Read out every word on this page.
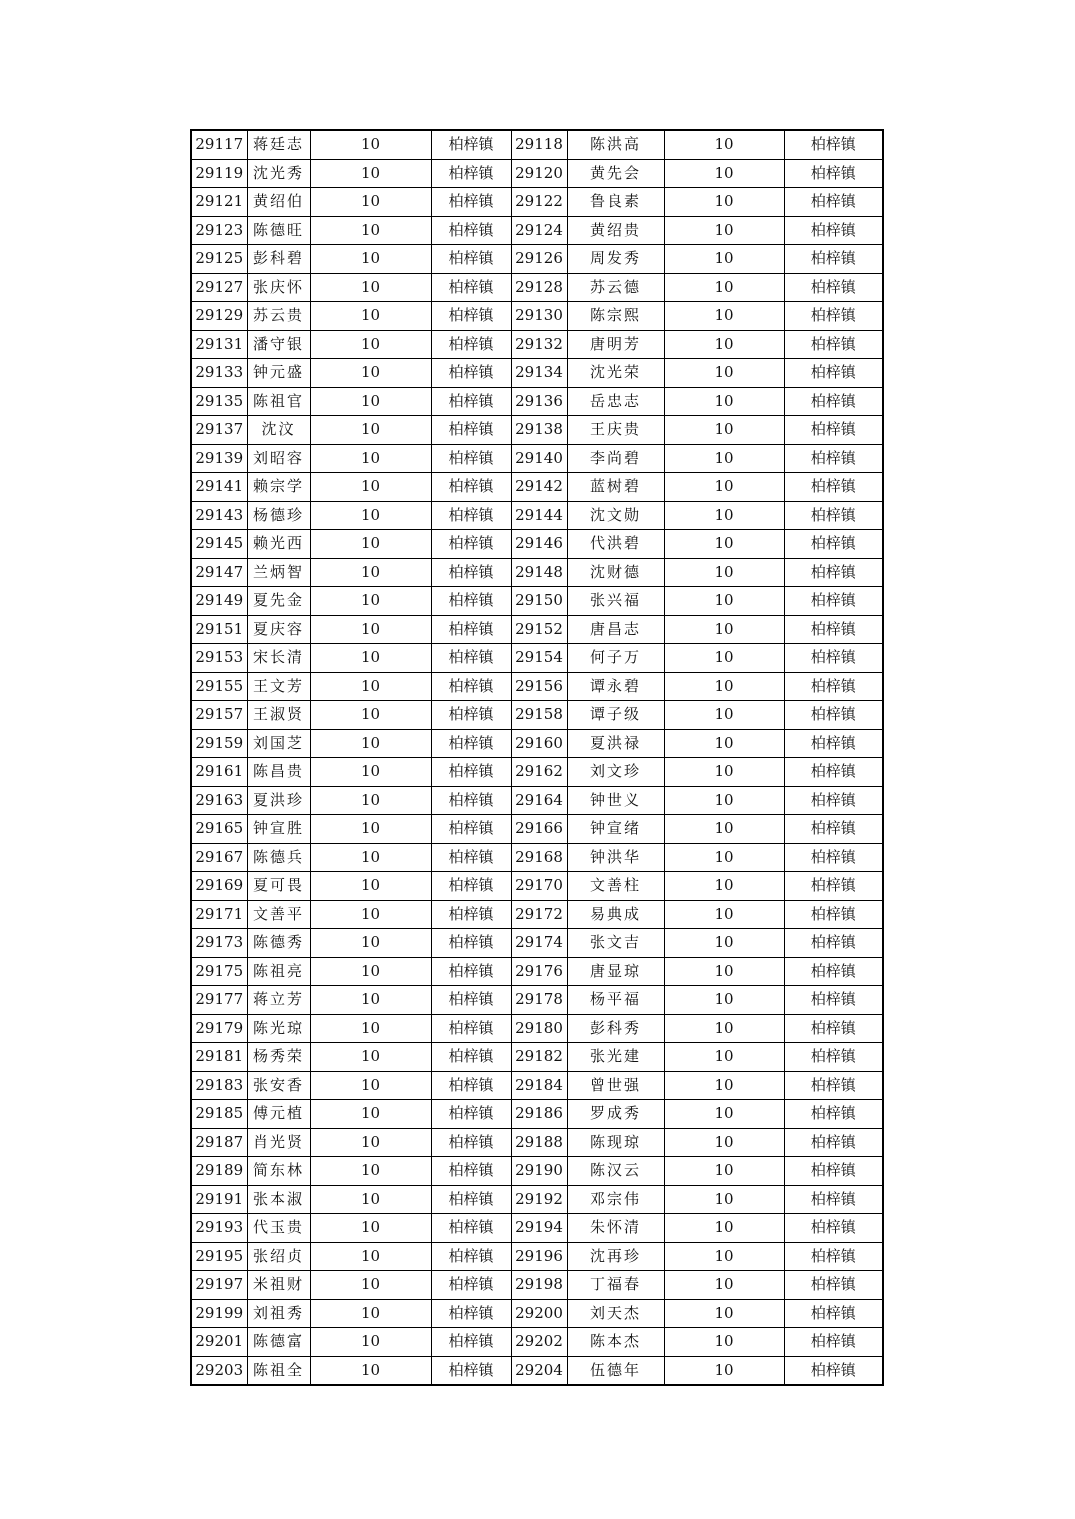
29117	蒋廷志	10	柏梓镇	29118	陈洪高	10	柏梓镇
29119	沈光秀	10	柏梓镇	29120	黄先会	10	柏梓镇
29121	黄绍伯	10	柏梓镇	29122	鲁良素	10	柏梓镇
29123	陈德旺	10	柏梓镇	29124	黄绍贵	10	柏梓镇
29125	彭科碧	10	柏梓镇	29126	周发秀	10	柏梓镇
29127	张庆怀	10	柏梓镇	29128	苏云德	10	柏梓镇
29129	苏云贵	10	柏梓镇	29130	陈宗熙	10	柏梓镇
29131	潘守银	10	柏梓镇	29132	唐明芳	10	柏梓镇
29133	钟元盛	10	柏梓镇	29134	沈光荣	10	柏梓镇
29135	陈祖官	10	柏梓镇	29136	岳忠志	10	柏梓镇
29137	沈汶	10	柏梓镇	29138	王庆贵	10	柏梓镇
29139	刘昭容	10	柏梓镇	29140	李尚碧	10	柏梓镇
29141	赖宗学	10	柏梓镇	29142	蓝树碧	10	柏梓镇
29143	杨德珍	10	柏梓镇	29144	沈文勋	10	柏梓镇
29145	赖光西	10	柏梓镇	29146	代洪碧	10	柏梓镇
29147	兰炳智	10	柏梓镇	29148	沈财德	10	柏梓镇
29149	夏先金	10	柏梓镇	29150	张兴福	10	柏梓镇
29151	夏庆容	10	柏梓镇	29152	唐昌志	10	柏梓镇
29153	宋长清	10	柏梓镇	29154	何子万	10	柏梓镇
29155	王文芳	10	柏梓镇	29156	谭永碧	10	柏梓镇
29157	王淑贤	10	柏梓镇	29158	谭子级	10	柏梓镇
29159	刘国芝	10	柏梓镇	29160	夏洪禄	10	柏梓镇
29161	陈昌贵	10	柏梓镇	29162	刘文珍	10	柏梓镇
29163	夏洪珍	10	柏梓镇	29164	钟世义	10	柏梓镇
29165	钟宣胜	10	柏梓镇	29166	钟宣绪	10	柏梓镇
29167	陈德兵	10	柏梓镇	29168	钟洪华	10	柏梓镇
29169	夏可畏	10	柏梓镇	29170	文善柱	10	柏梓镇
29171	文善平	10	柏梓镇	29172	易典成	10	柏梓镇
29173	陈德秀	10	柏梓镇	29174	张文吉	10	柏梓镇
29175	陈祖亮	10	柏梓镇	29176	唐显琼	10	柏梓镇
29177	蒋立芳	10	柏梓镇	29178	杨平福	10	柏梓镇
29179	陈光琼	10	柏梓镇	29180	彭科秀	10	柏梓镇
29181	杨秀荣	10	柏梓镇	29182	张光建	10	柏梓镇
29183	张安香	10	柏梓镇	29184	曾世强	10	柏梓镇
29185	傅元植	10	柏梓镇	29186	罗成秀	10	柏梓镇
29187	肖光贤	10	柏梓镇	29188	陈现琼	10	柏梓镇
29189	简东林	10	柏梓镇	29190	陈汉云	10	柏梓镇
29191	张本淑	10	柏梓镇	29192	邓宗伟	10	柏梓镇
29193	代玉贵	10	柏梓镇	29194	朱怀清	10	柏梓镇
29195	张绍贞	10	柏梓镇	29196	沈再珍	10	柏梓镇
29197	米祖财	10	柏梓镇	29198	丁福春	10	柏梓镇
29199	刘祖秀	10	柏梓镇	29200	刘天杰	10	柏梓镇
29201	陈德富	10	柏梓镇	29202	陈本杰	10	柏梓镇
29203	陈祖全	10	柏梓镇	29204	伍德年	10	柏梓镇
